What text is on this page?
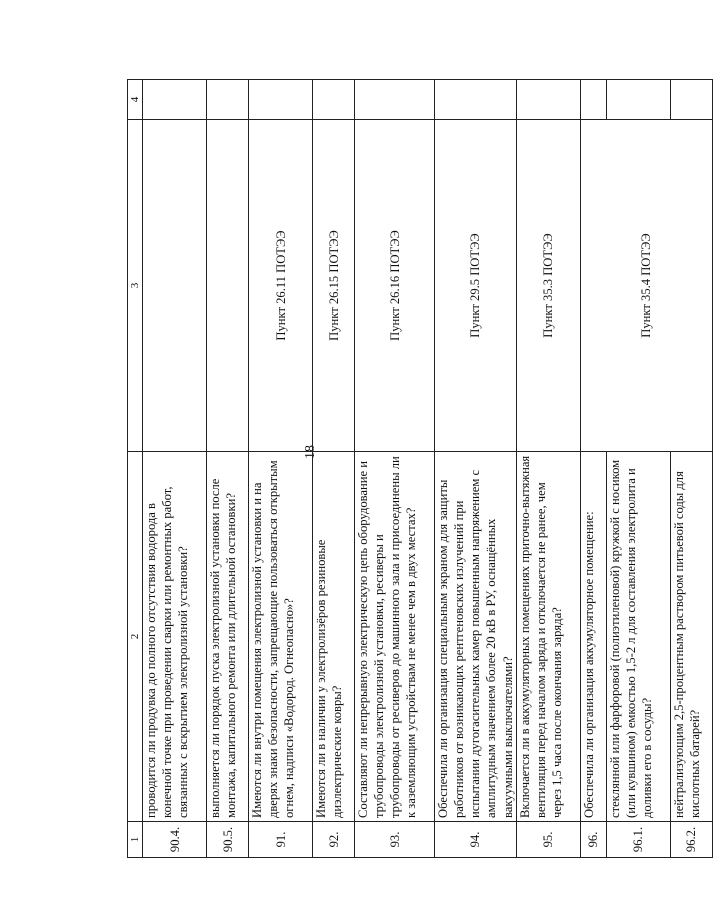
18
1	2	3	4
90.4.	проводится ли продувка до полного отсутствия водорода в конечной точке при проведении сварки или ремонтных работ, связанных с вскрытием электролизной установки?		
90.5.	выполняется ли порядок пуска электролизной установки после монтажа, капитального ремонта или длительной остановки?		
91.	Имеются ли внутри помещения электролизной установки и на дверях знаки безопасности, запрещающие пользоваться открытым огнем, надписи «Водород. Огнеопасно»?	Пункт 26.11 ПОТЭЭ	
92.	Имеются ли в наличии у электролизёров резиновые диэлектрические ковры?	Пункт 26.15 ПОТЭЭ	
93.	Составляют ли непрерывную электрическую цепь оборудование и трубопроводы электролизной установки, ресиверы и трубопроводы от ресиверов до машинного зала и присоединены ли к заземляющим устройствам не менее чем в двух местах?	Пункт 26.16 ПОТЭЭ	
94.	Обеспечила ли организация специальным экраном для защиты работников от возникающих рентгеновских излучений при испытании дугогасительных камер повышенным напряжением с амплитудным значением более 20 кВ в РУ, оснащённых вакуумными выключателями?	Пункт 29.5 ПОТЭЭ	
95.	Включается ли в аккумуляторных помещениях приточно-вытяжная вентиляция перед началом заряда и отключается не ранее, чем через 1,5 часа после окончания заряда?	Пункт 35.3 ПОТЭЭ	
96.	Обеспечила ли организация аккумуляторное помещение:	Пункт 35.4 ПОТЭЭ	
96.1.	стеклянной или фарфоровой (полиэтиленовой) кружкой с носиком (или кувшином) емкостью 1,5-2 л для составления электролита и доливки его в сосуды?		
96.2.	нейтрализующим 2,5-процентным раствором питьевой соды для кислотных батарей?		
